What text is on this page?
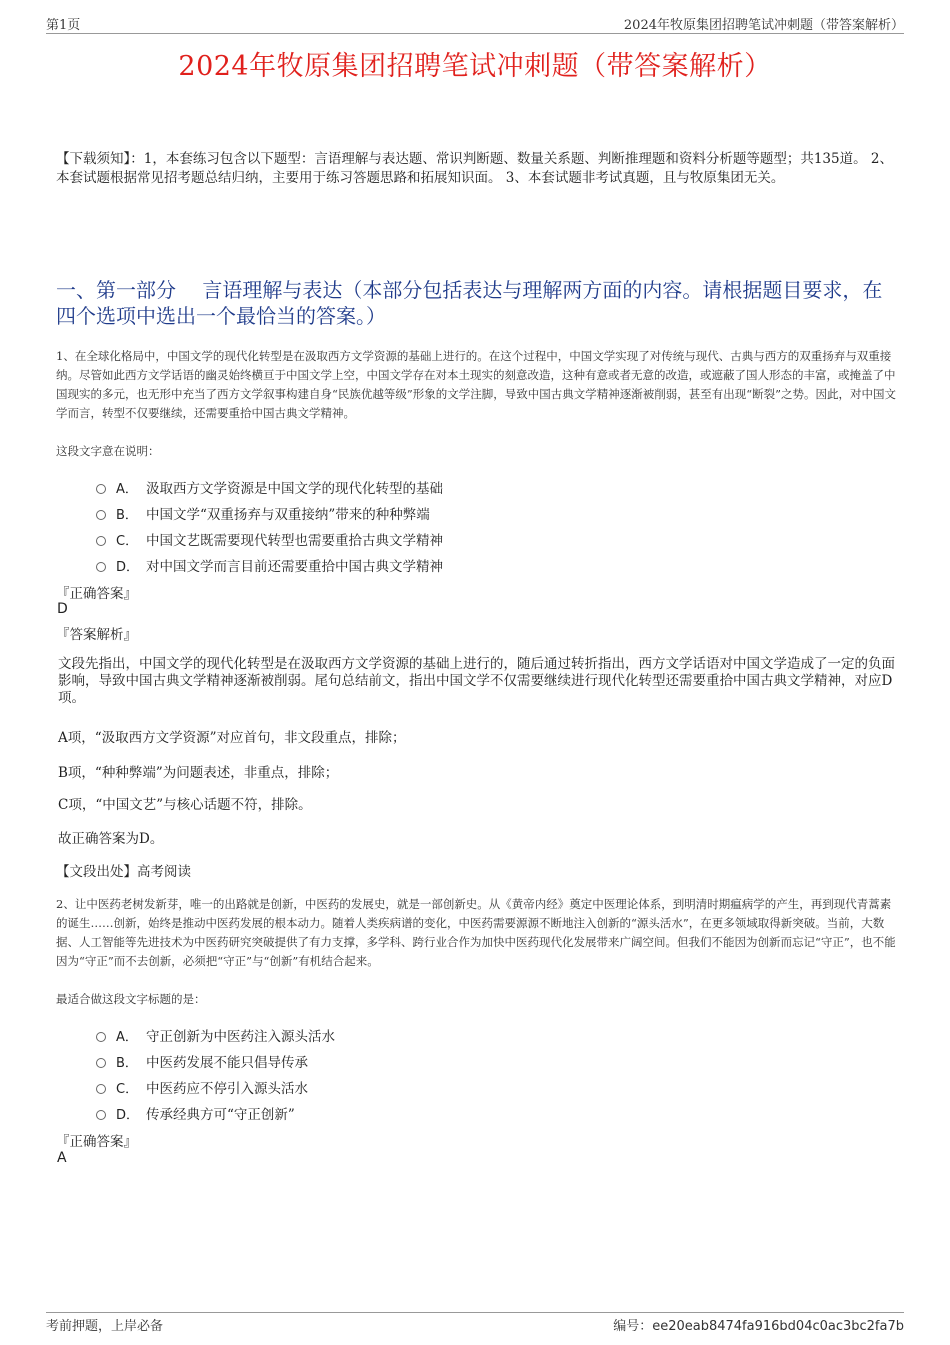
第1页	2024年牧原集团招聘笔试冲刺题（带答案解析）
2024年牧原集团招聘笔试冲刺题（带答案解析）
【下载须知】：1，本套练习包含以下题型：言语理解与表达题、常识判断题、数量关系题、判断推理题和资料分析题等题型；共135道。 2、本套试题根据常见招考题总结归纳，主要用于练习答题思路和拓展知识面。 3、本套试题非考试真题，且与牧原集团无关。
一、第一部分　 言语理解与表达（本部分包括表达与理解两方面的内容。请根据题目要求，在四个选项中选出一个最恰当的答案。）
1、在全球化格局中，中国文学的现代化转型是在汲取西方文学资源的基础上进行的。在这个过程中，中国文学实现了对传统与现代、古典与西方的双重扬弃与双重接纳。尽管如此西方文学话语的幽灵始终横亘于中国文学上空，中国文学存在对本土现实的刻意改造，这种有意或者无意的改造，或遮蔽了国人形态的丰富，或掩盖了中国现实的多元，也无形中充当了西方文学叙事构建自身“民族优越等级”形象的文学注脚，导致中国古典文学精神逐渐被削弱，甚至有出现“断裂”之势。因此，对中国文学而言，转型不仅要继续，还需要重拾中国古典文学精神。
这段文字意在说明：
A． 汲取西方文学资源是中国文学的现代化转型的基础
B． 中国文学“双重扬弃与双重接纳”带来的种种弊端
C． 中国文艺既需要现代转型也需要重拾古典文学精神
D． 对中国文学而言目前还需要重拾中国古典文学精神
『正确答案』
D
『答案解析』
文段先指出，中国文学的现代化转型是在汲取西方文学资源的基础上进行的，随后通过转折指出，西方文学话语对中国文学造成了一定的负面影响，导致中国古典文学精神逐渐被削弱。尾句总结前文，指出中国文学不仅需要继续进行现代化转型还需要重拾中国古典文学精神，对应D项。
A项，“汲取西方文学资源”对应首句，非文段重点，排除；
B项，“种种弊端”为问题表述，非重点，排除；
C项，“中国文艺”与核心话题不符，排除。
故正确答案为D。
【文段出处】高考阅读
2、让中医药老树发新芽，唯一的出路就是创新，中医药的发展史，就是一部创新史。从《黄帝内经》奠定中医理论体系，到明清时期瘟病学的产生，再到现代青蒿素的诞生……创新，始终是推动中医药发展的根本动力。随着人类疾病谱的变化，中医药需要源源不断地注入创新的“源头活水”，在更多领域取得新突破。当前，大数据、人工智能等先进技术为中医药研究突破提供了有力支撑，多学科、跨行业合作为加快中医药现代化发展带来广阔空间。但我们不能因为创新而忘记“守正”，也不能因为“守正”而不去创新，必须把“守正”与“创新”有机结合起来。
最适合做这段文字标题的是：
A． 守正创新为中医药注入源头活水
B． 中医药发展不能只倡导传承
C． 中医药应不停引入源头活水
D． 传承经典方可“守正创新”
『正确答案』
A
考前押题，上岸必备	编号：ee20eab8474fa916bd04c0ac3bc2fa7b
